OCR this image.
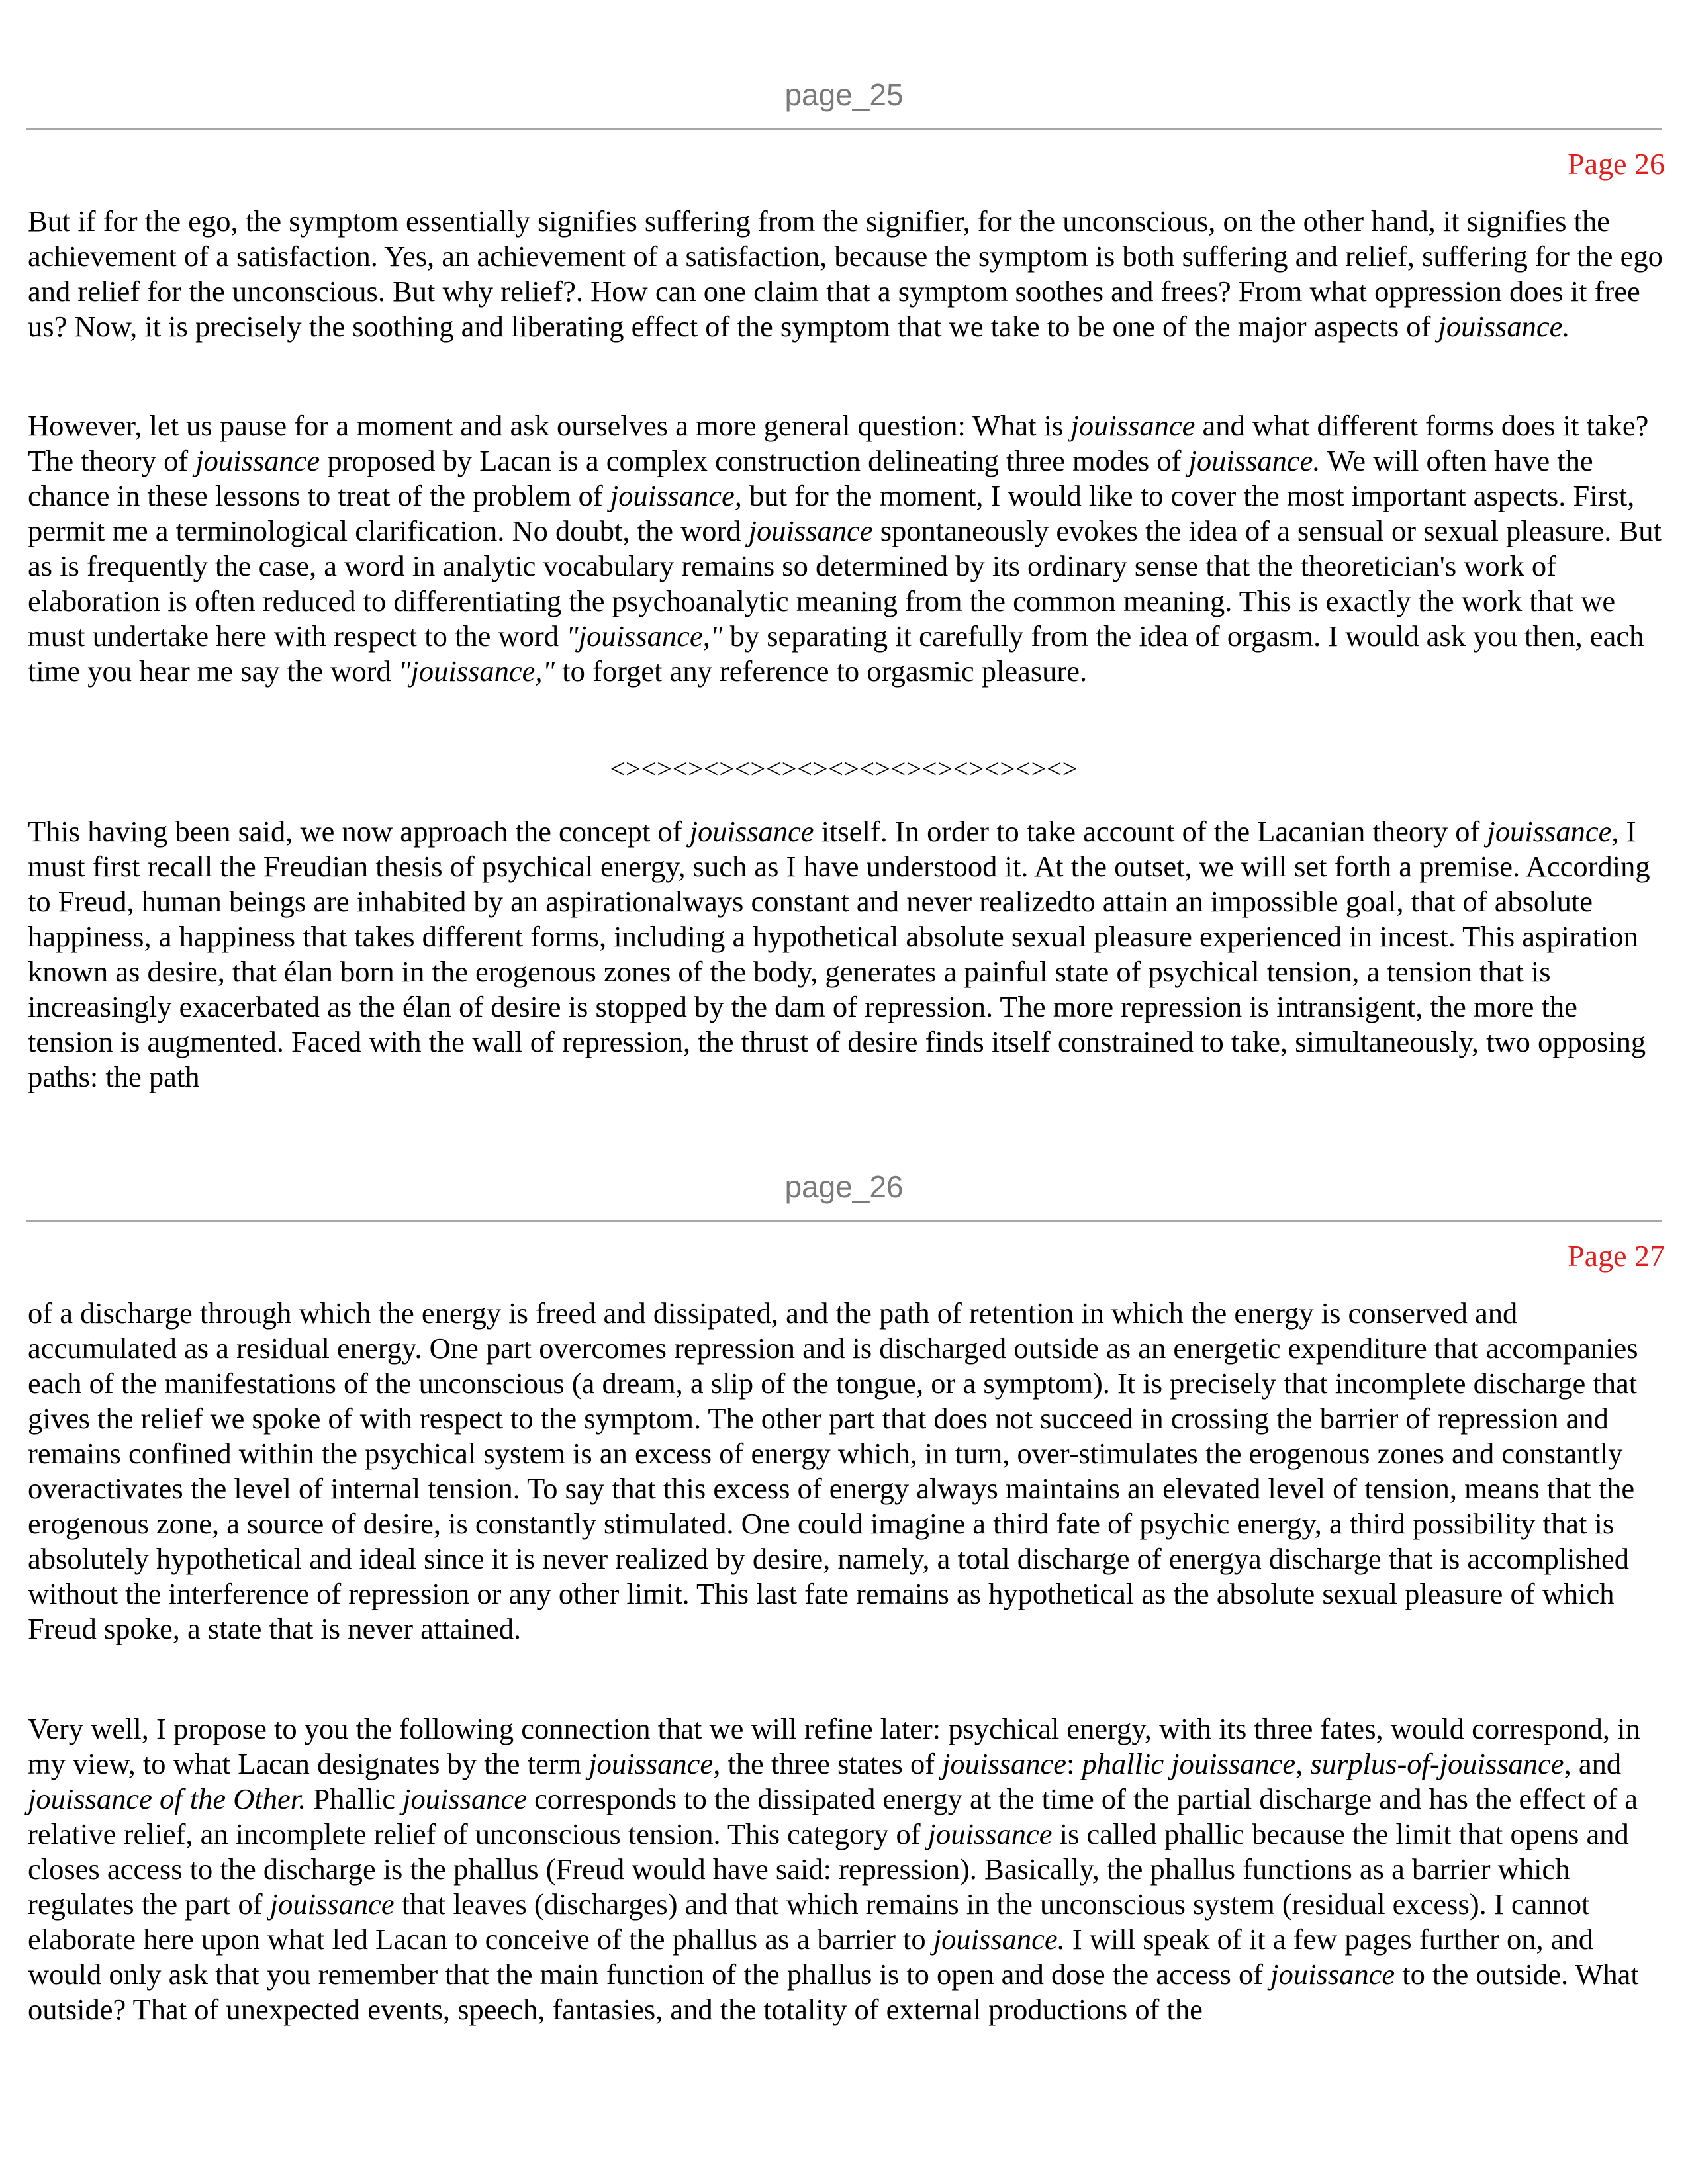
page_25
Page 26

But if for the ego, the symptom essentially signifies suffering from the signifier, for the unconscious, on the other hand, it signifies the achievement of a satisfaction. Yes, an achievement of a satisfaction, because the symptom is both suffering and relief, suffering for the ego and relief for the unconscious. But why relief?. How can one claim that a symptom soothes and frees? From what oppression does it free us? Now, it is precisely the soothing and liberating effect of the symptom that we take to be one of the major aspects of jouissance.

However, let us pause for a moment and ask ourselves a more general question: What is jouissance and what different forms does it take? The theory of jouissance proposed by Lacan is a complex construction delineating three modes of jouissance. We will often have the chance in these lessons to treat of the problem of jouissance, but for the moment, I would like to cover the most important aspects. First, permit me a terminological clarification. No doubt, the word jouissance spontaneously evokes the idea of a sensual or sexual pleasure. But as is frequently the case, a word in analytic vocabulary remains so determined by its ordinary sense that the theoretician's work of elaboration is often reduced to differentiating the psychoanalytic meaning from the common meaning. This is exactly the work that we must undertake here with respect to the word "jouissance," by separating it carefully from the idea of orgasm. I would ask you then, each time you hear me say the word "jouissance," to forget any reference to orgasmic pleasure.

<><><><><><><><><><><><><><><>

This having been said, we now approach the concept of jouissance itself. In order to take account of the Lacanian theory of jouissance, I must first recall the Freudian thesis of psychical energy, such as I have understood it. At the outset, we will set forth a premise. According to Freud, human beings are inhabited by an aspirationalways constant and never realizedto attain an impossible goal, that of absolute happiness, a happiness that takes different forms, including a hypothetical absolute sexual pleasure experienced in incest. This aspiration known as desire, that élan born in the erogenous zones of the body, generates a painful state of psychical tension, a tension that is increasingly exacerbated as the élan of desire is stopped by the dam of repression. The more repression is intransigent, the more the tension is augmented. Faced with the wall of repression, the thrust of desire finds itself constrained to take, simultaneously, two opposing paths: the path

page_26
Page 27

of a discharge through which the energy is freed and dissipated, and the path of retention in which the energy is conserved and accumulated as a residual energy. One part overcomes repression and is discharged outside as an energetic expenditure that accompanies each of the manifestations of the unconscious (a dream, a slip of the tongue, or a symptom). It is precisely that incomplete discharge that gives the relief we spoke of with respect to the symptom. The other part that does not succeed in crossing the barrier of repression and remains confined within the psychical system is an excess of energy which, in turn, over-stimulates the erogenous zones and constantly overactivates the level of internal tension. To say that this excess of energy always maintains an elevated level of tension, means that the erogenous zone, a source of desire, is constantly stimulated. One could imagine a third fate of psychic energy, a third possibility that is absolutely hypothetical and ideal since it is never realized by desire, namely, a total discharge of energya discharge that is accomplished without the interference of repression or any other limit. This last fate remains as hypothetical as the absolute sexual pleasure of which Freud spoke, a state that is never attained.

Very well, I propose to you the following connection that we will refine later: psychical energy, with its three fates, would correspond, in my view, to what Lacan designates by the term jouissance, the three states of jouissance: phallic jouissance, surplus-of-jouissance, and jouissance of the Other. Phallic jouissance corresponds to the dissipated energy at the time of the partial discharge and has the effect of a relative relief, an incomplete relief of unconscious tension. This category of jouissance is called phallic because the limit that opens and closes access to the discharge is the phallus (Freud would have said: repression). Basically, the phallus functions as a barrier which regulates the part of jouissance that leaves (discharges) and that which remains in the unconscious system (residual excess). I cannot elaborate here upon what led Lacan to conceive of the phallus as a barrier to jouissance. I will speak of it a few pages further on, and would only ask that you remember that the main function of the phallus is to open and dose the access of jouissance to the outside. What outside? That of unexpected events, speech, fantasies, and the totality of external productions of the
